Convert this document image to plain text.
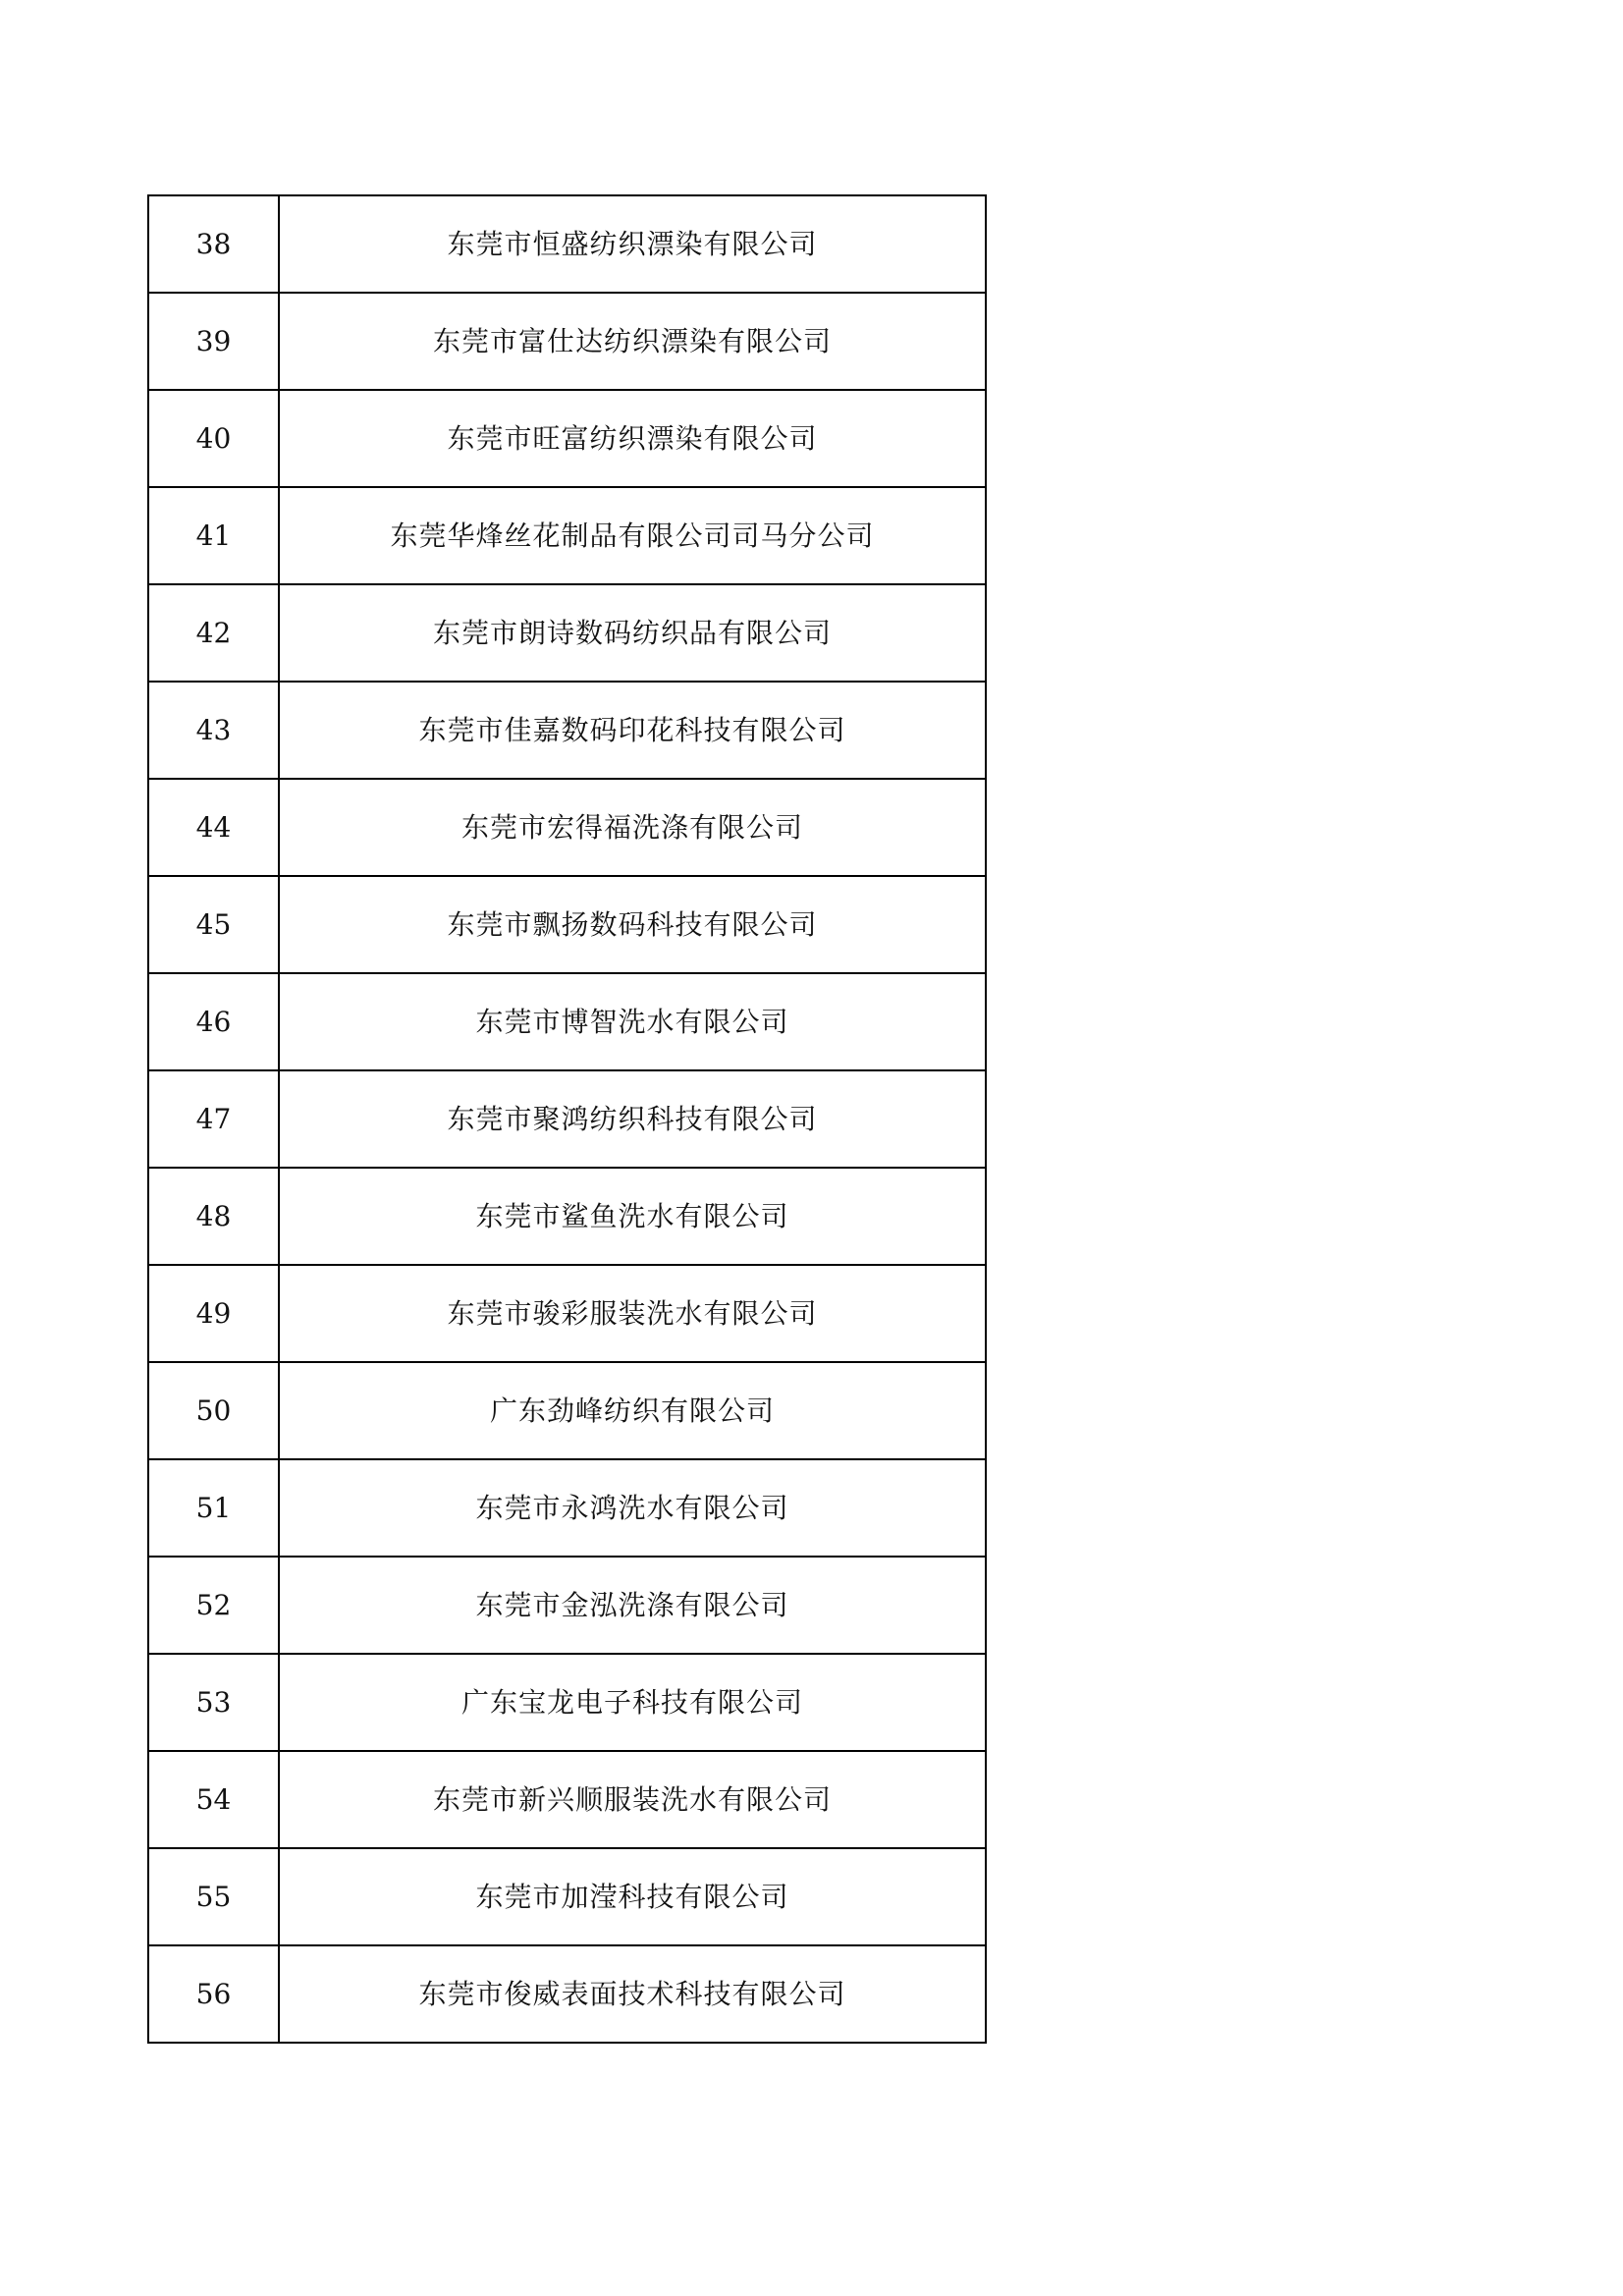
38	东莞市恒盛纺织漂染有限公司
39	东莞市富仕达纺织漂染有限公司
40	东莞市旺富纺织漂染有限公司
41	东莞华烽丝花制品有限公司司马分公司
42	东莞市朗诗数码纺织品有限公司
43	东莞市佳嘉数码印花科技有限公司
44	东莞市宏得福洗涤有限公司
45	东莞市飘扬数码科技有限公司
46	东莞市博智洗水有限公司
47	东莞市聚鸿纺织科技有限公司
48	东莞市鲨鱼洗水有限公司
49	东莞市骏彩服装洗水有限公司
50	广东劲峰纺织有限公司
51	东莞市永鸿洗水有限公司
52	东莞市金泓洗涤有限公司
53	广东宝龙电子科技有限公司
54	东莞市新兴顺服装洗水有限公司
55	东莞市加滢科技有限公司
56	东莞市俊威表面技术科技有限公司
